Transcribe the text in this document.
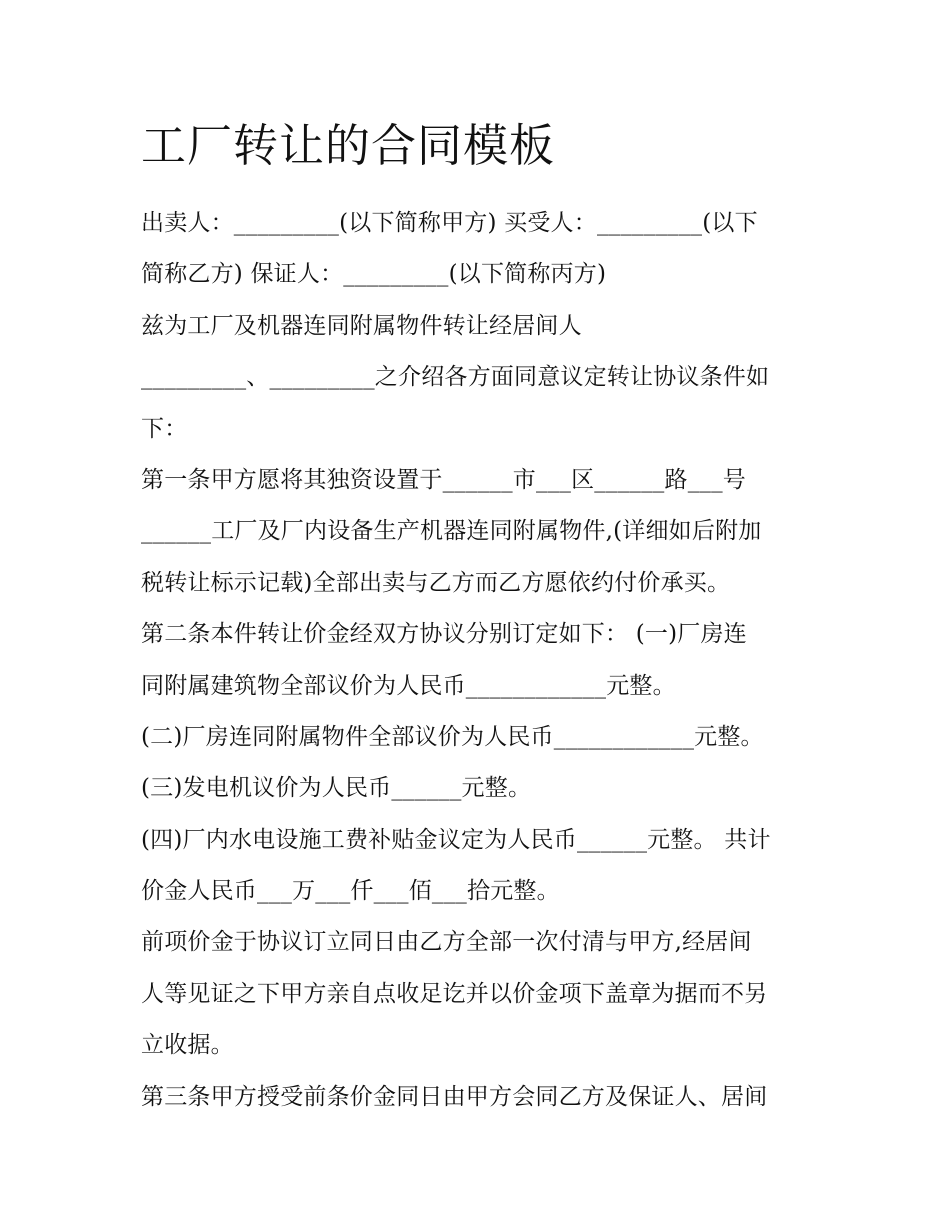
工厂转让的合同模板
出卖人：_________(以下简称甲方) 买受人：_________(以下
简称乙方) 保证人：_________(以下简称丙方)
兹为工厂及机器连同附属物件转让经居间人
_________、_________之介绍各方面同意议定转让协议条件如
下：
第一条甲方愿将其独资设置于______市___区______路___号
______工厂及厂内设备生产机器连同附属物件,(详细如后附加
税转让标示记载)全部出卖与乙方而乙方愿依约付价承买。
第二条本件转让价金经双方协议分别订定如下： (一)厂房连
同附属建筑物全部议价为人民币____________元整。
(二)厂房连同附属物件全部议价为人民币____________元整。
(三)发电机议价为人民币______元整。
(四)厂内水电设施工费补贴金议定为人民币______元整。 共计
价金人民币___万___仟___佰___拾元整。
前项价金于协议订立同日由乙方全部一次付清与甲方,经居间
人等见证之下甲方亲自点收足讫并以价金项下盖章为据而不另
立收据。
第三条甲方授受前条价金同日由甲方会同乙方及保证人、居间
